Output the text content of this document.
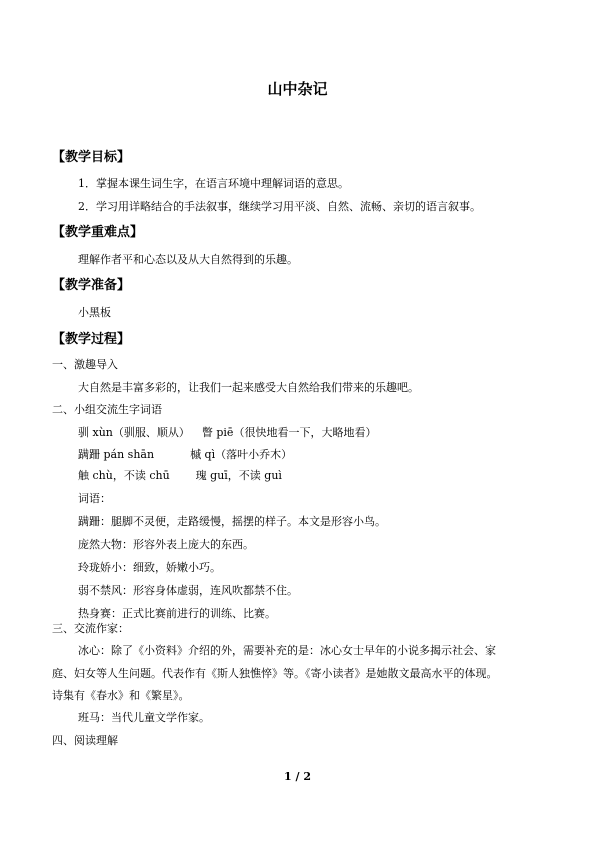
山中杂记
【教学目标】
1．掌握本课生词生字，在语言环境中理解词语的意思。
2．学习用详略结合的手法叙事，继续学习用平淡、自然、流畅、亲切的语言叙事。
【教学重难点】
理解作者平和心态以及从大自然得到的乐趣。
【教学准备】
小黑板
【教学过程】
一、激趣导入
大自然是丰富多彩的，让我们一起来感受大自然给我们带来的乐趣吧。
二、小组交流生字词语
驯 xùn（驯服、顺从） 瞥 piē（很快地看一下，大略地看）
蹒跚 pán shān	槭 qì（落叶小乔木）
触 chù，不读 chū 瑰 guī，不读 guì
词语：
蹒跚：腿脚不灵便，走路缓慢，摇摆的样子。本文是形容小鸟。
庞然大物：形容外表上庞大的东西。
玲珑娇小：细致，娇嫩小巧。
弱不禁风：形容身体虚弱，连风吹都禁不住。
热身赛：正式比赛前进行的训练、比赛。
三、交流作家：
冰心：除了《小资料》介绍的外，需要补充的是：冰心女士早年的小说多揭示社会、家
庭、妇女等人生问题。代表作有《斯人独憔悴》等。《寄小读者》是她散文最高水平的体现。
诗集有《春水》和《繁星》。
班马：当代儿童文学作家。
四、阅读理解
1 / 2
